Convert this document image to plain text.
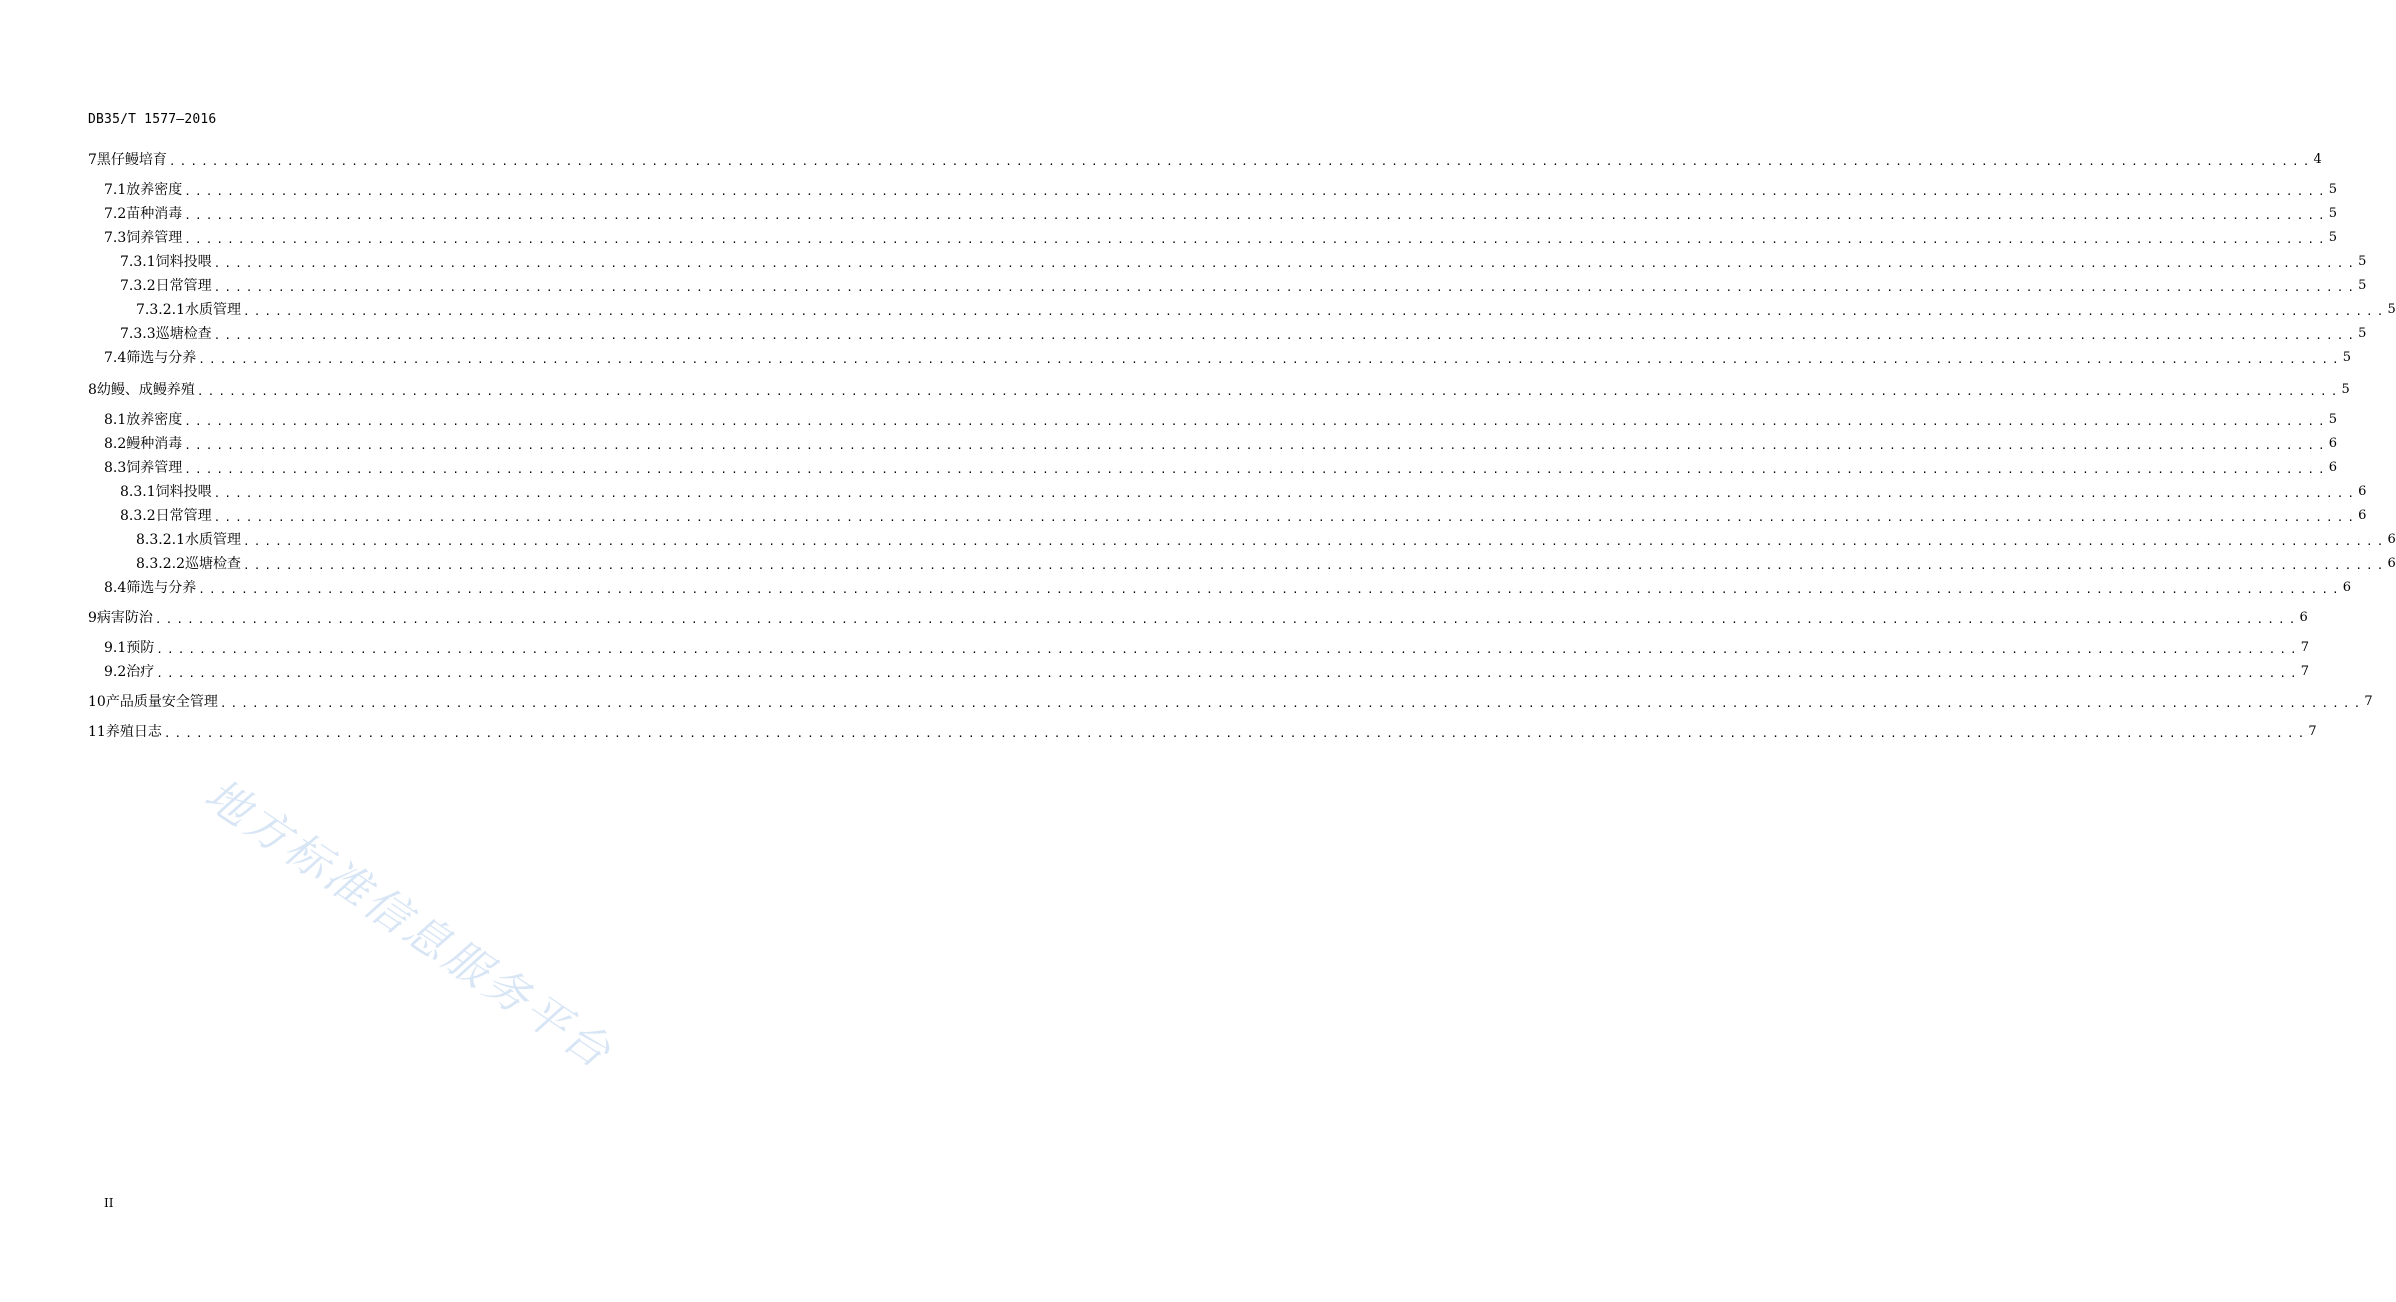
DB35/T 1577—2016
7 黑仔鳗培育 ........................................................................................................................................................................................................ 4
7.1 放养密度 ........................................................................................................................................................................................................ 5
7.2 苗种消毒 ........................................................................................................................................................................................................ 5
7.3 饲养管理 ........................................................................................................................................................................................................ 5
7.3.1 饲料投喂 ........................................................................................................................................................................................................ 5
7.3.2 日常管理 ........................................................................................................................................................................................................ 5
7.3.2.1 水质管理 ........................................................................................................................................................................................................ 5
7.3.3 巡塘检查 ........................................................................................................................................................................................................ 5
7.4 筛选与分养 ........................................................................................................................................................................................................ 5
8 幼鳗、成鳗养殖 ........................................................................................................................................................................................................ 5
8.1 放养密度 ........................................................................................................................................................................................................ 5
8.2 鳗种消毒 ........................................................................................................................................................................................................ 6
8.3 饲养管理 ........................................................................................................................................................................................................ 6
8.3.1 饲料投喂 ........................................................................................................................................................................................................ 6
8.3.2 日常管理 ........................................................................................................................................................................................................ 6
8.3.2.1 水质管理 ........................................................................................................................................................................................................ 6
8.3.2.2 巡塘检查 ........................................................................................................................................................................................................ 6
8.4 筛选与分养 ........................................................................................................................................................................................................ 6
9 病害防治 ........................................................................................................................................................................................................ 6
9.1 预防 ........................................................................................................................................................................................................ 7
9.2 治疗 ........................................................................................................................................................................................................ 7
10 产品质量安全管理 ........................................................................................................................................................................................................ 7
11 养殖日志 ........................................................................................................................................................................................................ 7
地方标准信息服务平台
II
